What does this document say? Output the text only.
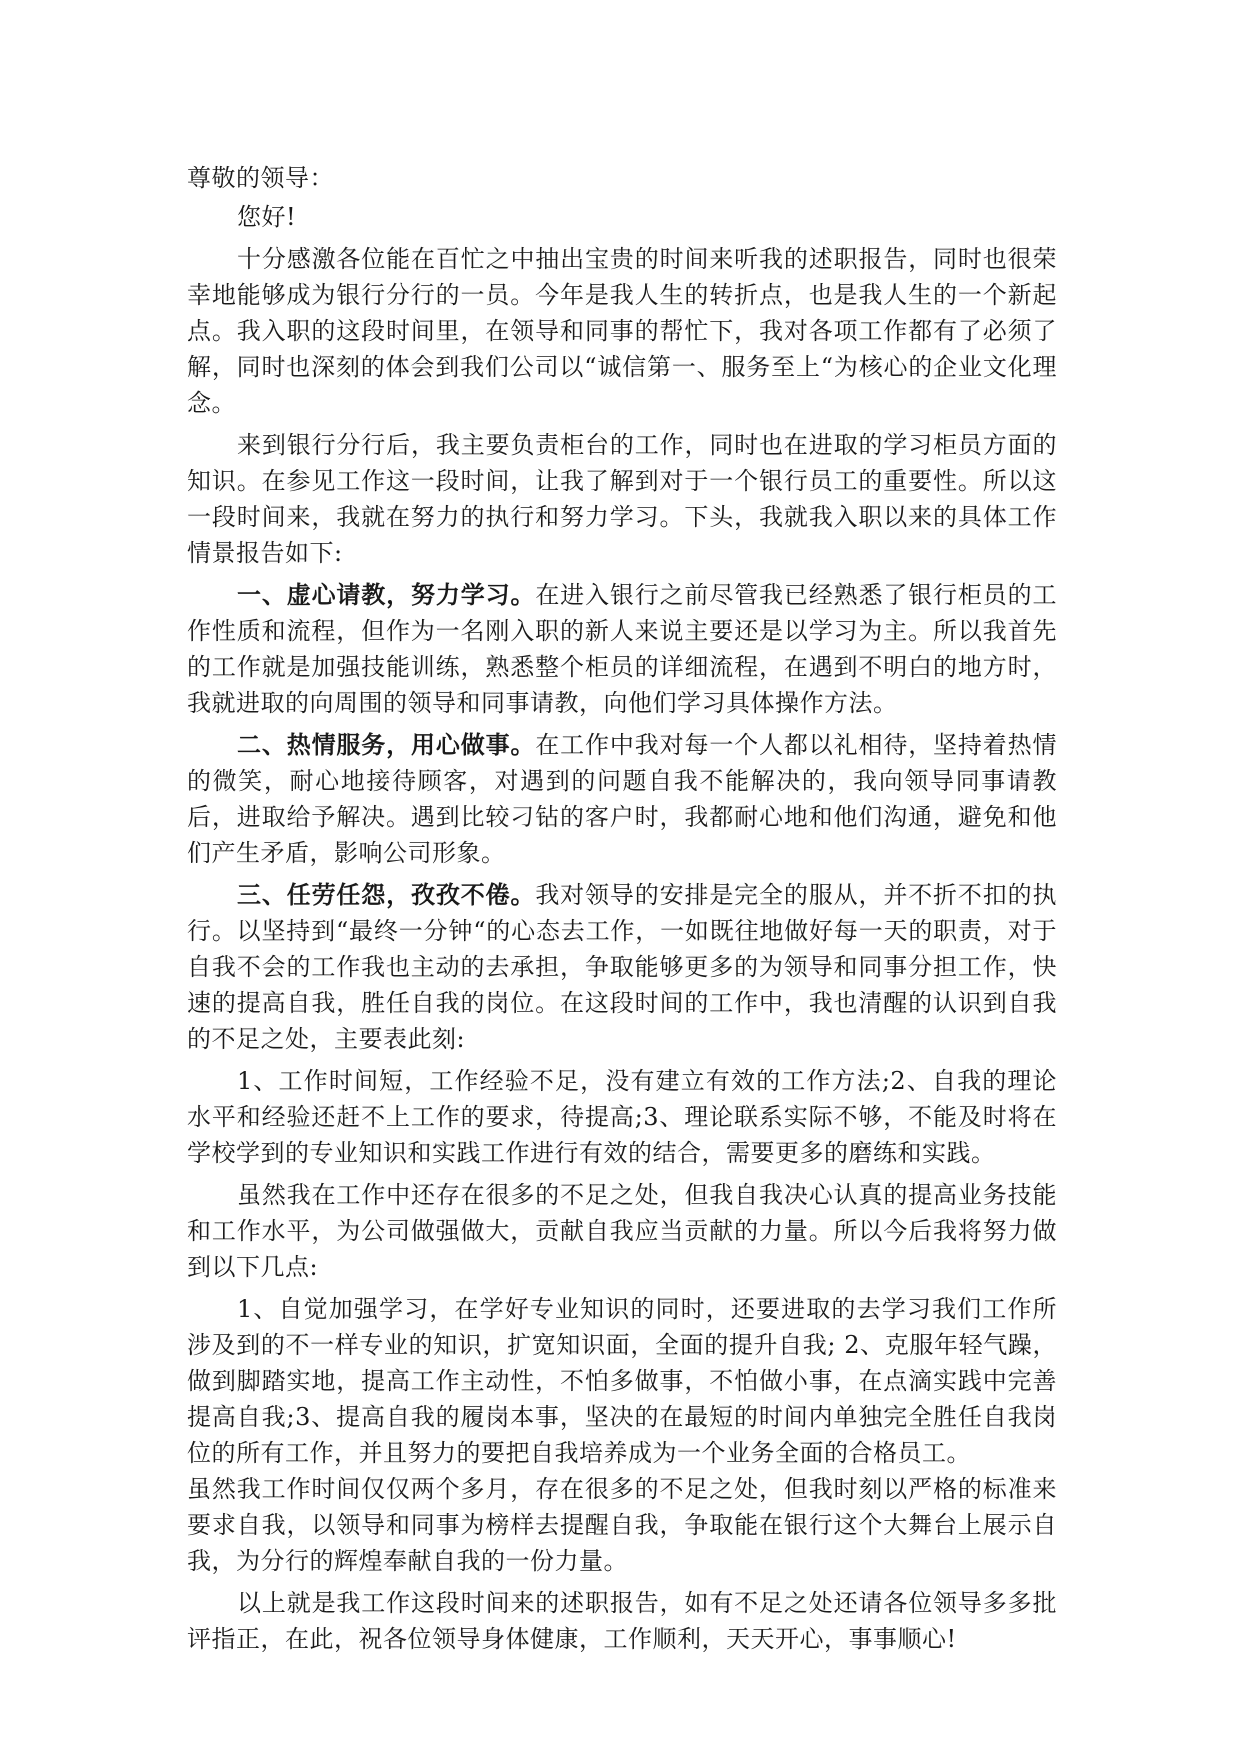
尊敬的领导：

您好!

十分感激各位能在百忙之中抽出宝贵的时间来听我的述职报告，同时也很荣幸地能够成为银行分行的一员。今年是我人生的转折点，也是我人生的一个新起点。我入职的这段时间里，在领导和同事的帮忙下，我对各项工作都有了必须了解，同时也深刻的体会到我们公司以“诚信第一、服务至上“为核心的企业文化理念。

来到银行分行后，我主要负责柜台的工作，同时也在进取的学习柜员方面的知识。在参见工作这一段时间，让我了解到对于一个银行员工的重要性。所以这一段时间来，我就在努力的执行和努力学习。下头，我就我入职以来的具体工作情景报告如下:

一、虚心请教，努力学习。在进入银行之前尽管我已经熟悉了银行柜员的工作性质和流程，但作为一名刚入职的新人来说主要还是以学习为主。所以我首先的工作就是加强技能训练，熟悉整个柜员的详细流程，在遇到不明白的地方时，我就进取的向周围的领导和同事请教，向他们学习具体操作方法。

二、热情服务，用心做事。在工作中我对每一个人都以礼相待，坚持着热情的微笑，耐心地接待顾客，对遇到的问题自我不能解决的，我向领导同事请教后，进取给予解决。遇到比较刁钻的客户时，我都耐心地和他们沟通，避免和他们产生矛盾，影响公司形象。

三、任劳任怨，孜孜不倦。我对领导的安排是完全的服从，并不折不扣的执行。以坚持到“最终一分钟“的心态去工作，一如既往地做好每一天的职责，对于自我不会的工作我也主动的去承担，争取能够更多的为领导和同事分担工作，快速的提高自我，胜任自我的岗位。在这段时间的工作中，我也清醒的认识到自我的不足之处，主要表此刻:

1、工作时间短，工作经验不足，没有建立有效的工作方法;2、自我的理论水平和经验还赶不上工作的要求，待提高;3、理论联系实际不够，不能及时将在学校学到的专业知识和实践工作进行有效的结合，需要更多的磨练和实践。

虽然我在工作中还存在很多的不足之处，但我自我决心认真的提高业务技能和工作水平，为公司做强做大，贡献自我应当贡献的力量。所以今后我将努力做到以下几点:

1、自觉加强学习，在学好专业知识的同时，还要进取的去学习我们工作所涉及到的不一样专业的知识，扩宽知识面，全面的提升自我; 2、克服年轻气躁，做到脚踏实地，提高工作主动性，不怕多做事，不怕做小事，在点滴实践中完善提高自我;3、提高自我的履岗本事，坚决的在最短的时间内单独完全胜任自我岗位的所有工作，并且努力的要把自我培养成为一个业务全面的合格员工。

虽然我工作时间仅仅两个多月，存在很多的不足之处，但我时刻以严格的标准来要求自我，以领导和同事为榜样去提醒自我，争取能在银行这个大舞台上展示自我，为分行的辉煌奉献自我的一份力量。

以上就是我工作这段时间来的述职报告，如有不足之处还请各位领导多多批评指正，在此，祝各位领导身体健康，工作顺利，天天开心，事事顺心!
